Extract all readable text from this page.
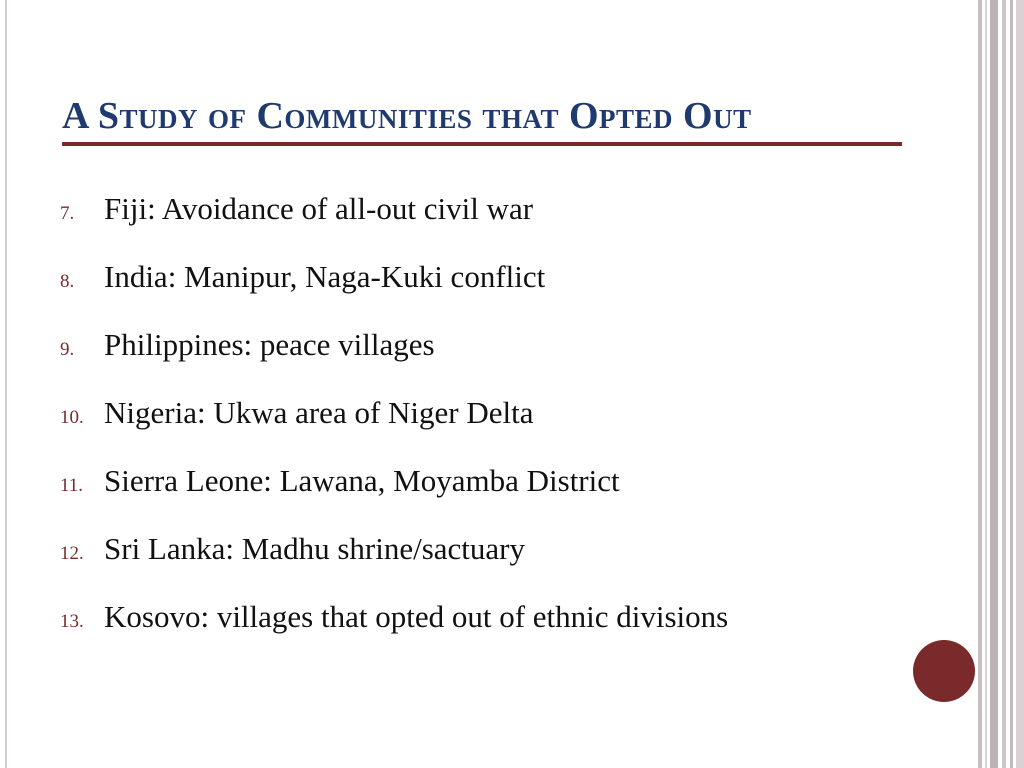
A Study of Communities that Opted Out
7. Fiji: Avoidance of all-out civil war
8. India: Manipur, Naga-Kuki conflict
9. Philippines: peace villages
10. Nigeria: Ukwa area of Niger Delta
11. Sierra Leone: Lawana, Moyamba District
12. Sri Lanka: Madhu shrine/sactuary
13. Kosovo: villages that opted out of ethnic divisions
